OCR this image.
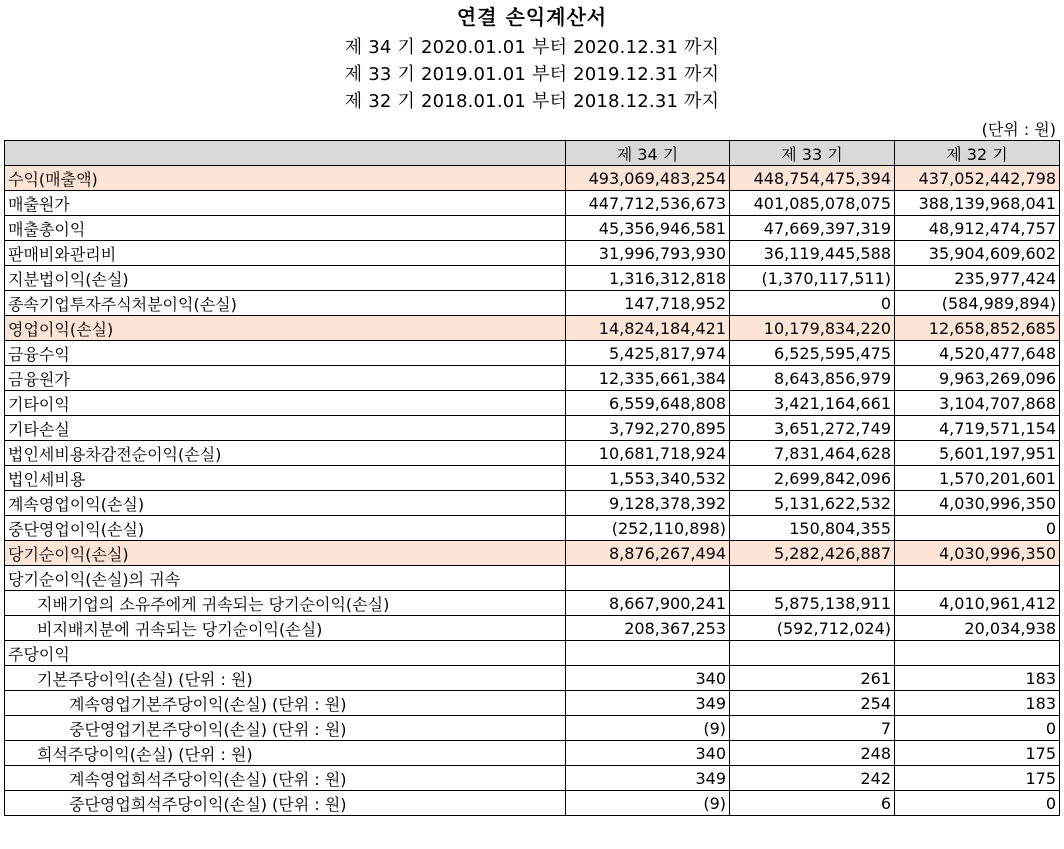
연결 손익계산서
제 34 기 2020.01.01 부터 2020.12.31 까지
제 33 기 2019.01.01 부터 2019.12.31 까지
제 32 기 2018.01.01 부터 2018.12.31 까지
(단위 : 원)
	제 34 기	제 33 기	제 32 기
수익(매출액)	493,069,483,254	448,754,475,394	437,052,442,798
매출원가	447,712,536,673	401,085,078,075	388,139,968,041
매출총이익	45,356,946,581	47,669,397,319	48,912,474,757
판매비와관리비	31,996,793,930	36,119,445,588	35,904,609,602
지분법이익(손실)	1,316,312,818	(1,370,117,511)	235,977,424
종속기업투자주식처분이익(손실)	147,718,952	0	(584,989,894)
영업이익(손실)	14,824,184,421	10,179,834,220	12,658,852,685
금융수익	5,425,817,974	6,525,595,475	4,520,477,648
금융원가	12,335,661,384	8,643,856,979	9,963,269,096
기타이익	6,559,648,808	3,421,164,661	3,104,707,868
기타손실	3,792,270,895	3,651,272,749	4,719,571,154
법인세비용차감전순이익(손실)	10,681,718,924	7,831,464,628	5,601,197,951
법인세비용	1,553,340,532	2,699,842,096	1,570,201,601
계속영업이익(손실)	9,128,378,392	5,131,622,532	4,030,996,350
중단영업이익(손실)	(252,110,898)	150,804,355	0
당기순이익(손실)	8,876,267,494	5,282,426,887	4,030,996,350
당기순이익(손실)의 귀속			
지배기업의 소유주에게 귀속되는 당기순이익(손실)	8,667,900,241	5,875,138,911	4,010,961,412
비지배지분에 귀속되는 당기순이익(손실)	208,367,253	(592,712,024)	20,034,938
주당이익			
기본주당이익(손실) (단위 : 원)	340	261	183
계속영업기본주당이익(손실) (단위 : 원)	349	254	183
중단영업기본주당이익(손실) (단위 : 원)	(9)	7	0
희석주당이익(손실) (단위 : 원)	340	248	175
계속영업희석주당이익(손실) (단위 : 원)	349	242	175
중단영업희석주당이익(손실) (단위 : 원)	(9)	6	0
